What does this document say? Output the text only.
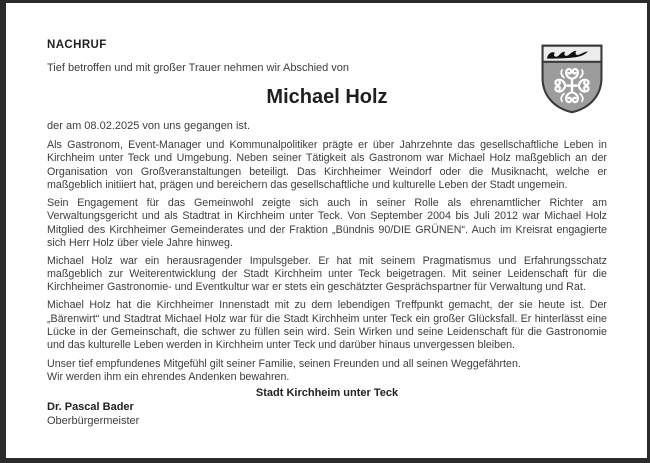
NACHRUF
Tief betroffen und mit großer Trauer nehmen wir Abschied von
Michael Holz
der am 08.02.2025 von uns gegangen ist.

Als Gastronom, Event-Manager und Kommunalpolitiker prägte er über Jahrzehnte das gesellschaftliche Leben in Kirchheim unter Teck und Umgebung. Neben seiner Tätigkeit als Gastronom war Michael Holz maßgeblich an der Organisation von Großveranstaltungen beteiligt. Das Kirchheimer Weindorf oder die Musiknacht, welche er maßgeblich initiiert hat, prägen und bereichern das gesellschaftliche und kulturelle Leben der Stadt ungemein.

Sein Engagement für das Gemeinwohl zeigte sich auch in seiner Rolle als ehrenamtlicher Richter am Verwaltungsgericht und als Stadtrat in Kirchheim unter Teck. Von September 2004 bis Juli 2012 war Michael Holz Mitglied des Kirchheimer Gemeinderates und der Fraktion „Bündnis 90/DIE GRÜNEN“. Auch im Kreisrat engagierte sich Herr Holz über viele Jahre hinweg.

Michael Holz war ein herausragender Impulsgeber. Er hat mit seinem Pragmatismus und Erfahrungsschatz maßgeblich zur Weiterentwicklung der Stadt Kirchheim unter Teck beigetragen. Mit seiner Leidenschaft für die Kirchheimer Gastronomie- und Eventkultur war er stets ein geschätzter Gesprächspartner für Verwaltung und Rat.

Michael Holz hat die Kirchheimer Innenstadt mit zu dem lebendigen Treffpunkt gemacht, der sie heute ist. Der „Bärenwirt“ und Stadtrat Michael Holz war für die Stadt Kirchheim unter Teck ein großer Glücksfall. Er hinterlässt eine Lücke in der Gemeinschaft, die schwer zu füllen sein wird. Sein Wirken und seine Leidenschaft für die Gastronomie und das kulturelle Leben werden in Kirchheim unter Teck und darüber hinaus unvergessen bleiben.

Unser tief empfundenes Mitgefühl gilt seiner Familie, seinen Freunden und all seinen Weggefährten.

Wir werden ihm ein ehrendes Andenken bewahren.

Stadt Kirchheim unter Teck
Dr. Pascal Bader
Oberbürgermeister
